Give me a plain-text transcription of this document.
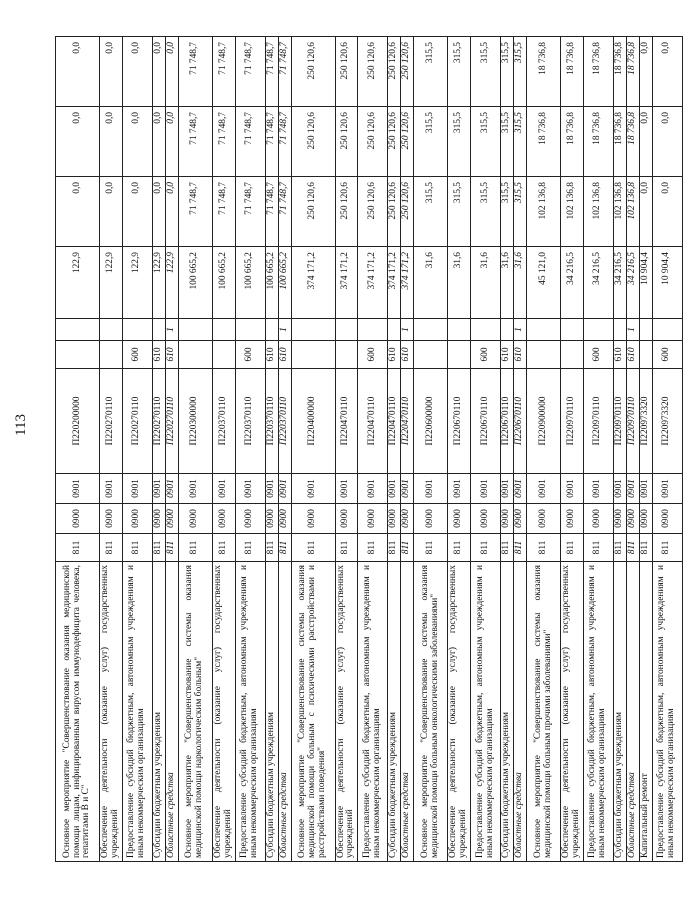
113
Основное мероприятие "Совершенствование оказания медицинской помощи лицам, инфицированным вирусом иммунодефицита человека, гепатитами В и С"	811	0900	0901	П220200000			122,9	0,0	0,0	0,0
Обеспечение деятельности (оказание услуг) государственных учреждений	811	0900	0901	П220270110			122,9	0,0	0,0	0,0
Предоставление субсидий бюджетным, автономным учреждениям и иным некоммерческим организациям	811	0900	0901	П220270110	600		122,9	0,0	0,0	0,0
Субсидии бюджетным учреждениям	811	0900	0901	П220270110	610		122,9	0,0	0,0	0,0
Областные средства	811	0900	0901	П220270110	610	1	122,9	0,0	0,0	0,0
Основное мероприятие "Совершенствование системы оказания медицинской помощи наркологическим больным"	811	0900	0901	П220300000			100 665,2	71 748,7	71 748,7	71 748,7
Обеспечение деятельности (оказание услуг) государственных учреждений	811	0900	0901	П220370110			100 665,2	71 748,7	71 748,7	71 748,7
Предоставление субсидий бюджетным, автономным учреждениям и иным некоммерческим организациям	811	0900	0901	П220370110	600		100 665,2	71 748,7	71 748,7	71 748,7
Субсидии бюджетным учреждениям	811	0900	0901	П220370110	610		100 665,2	71 748,7	71 748,7	71 748,7
Областные средства	811	0900	0901	П220370110	610	1	100 665,2	71 748,7	71 748,7	71 748,7
Основное мероприятие "Совершенствование системы оказания медицинской помощи больным с психическими расстройствами и расстройствами поведения"	811	0900	0901	П220400000			374 171,2	250 120,6	250 120,6	250 120,6
Обеспечение деятельности (оказание услуг) государственных учреждений	811	0900	0901	П220470110			374 171,2	250 120,6	250 120,6	250 120,6
Предоставление субсидий бюджетным, автономным учреждениям и иным некоммерческим организациям	811	0900	0901	П220470110	600		374 171,2	250 120,6	250 120,6	250 120,6
Субсидии бюджетным учреждениям	811	0900	0901	П220470110	610		374 171,2	250 120,6	250 120,6	250 120,6
Областные средства	811	0900	0901	П220470110	610	1	374 171,2	250 120,6	250 120,6	250 120,6
Основное мероприятие "Совершенствование системы оказания медицинской помощи больным онкологическими заболеваниями"	811	0900	0901	П220600000			31,6	315,5	315,5	315,5
Обеспечение деятельности (оказание услуг) государственных учреждений	811	0900	0901	П220670110			31,6	315,5	315,5	315,5
Предоставление субсидий бюджетным, автономным учреждениям и иным некоммерческим организациям	811	0900	0901	П220670110	600		31,6	315,5	315,5	315,5
Субсидии бюджетным учреждениям	811	0900	0901	П220670110	610		31,6	315,5	315,5	315,5
Областные средства	811	0900	0901	П220670110	610	1	31,6	315,5	315,5	315,5
Основное мероприятие "Совершенствование системы оказания медицинской помощи больным прочими заболеваниями"	811	0900	0901	П220900000			45 121,0	102 136,8	18 736,8	18 736,8
Обеспечение деятельности (оказание услуг) государственных учреждений	811	0900	0901	П220970110			34 216,5	102 136,8	18 736,8	18 736,8
Предоставление субсидий бюджетным, автономным учреждениям и иным некоммерческим организациям	811	0900	0901	П220970110	600		34 216,5	102 136,8	18 736,8	18 736,8
Субсидии бюджетным учреждениям	811	0900	0901	П220970110	610		34 216,5	102 136,8	18 736,8	18 736,8
Областные средства	811	0900	0901	П220970110	610	1	34 216,5	102 136,8	18 736,8	18 736,8
Капитальный ремонт	811	0900	0901	П220973320			10 904,4	0,0	0,0	0,0
Предоставление субсидий бюджетным, автономным учреждениям и иным некоммерческим организациям	811	0900	0901	П220973320	600		10 904,4	0,0	0,0	0,0
